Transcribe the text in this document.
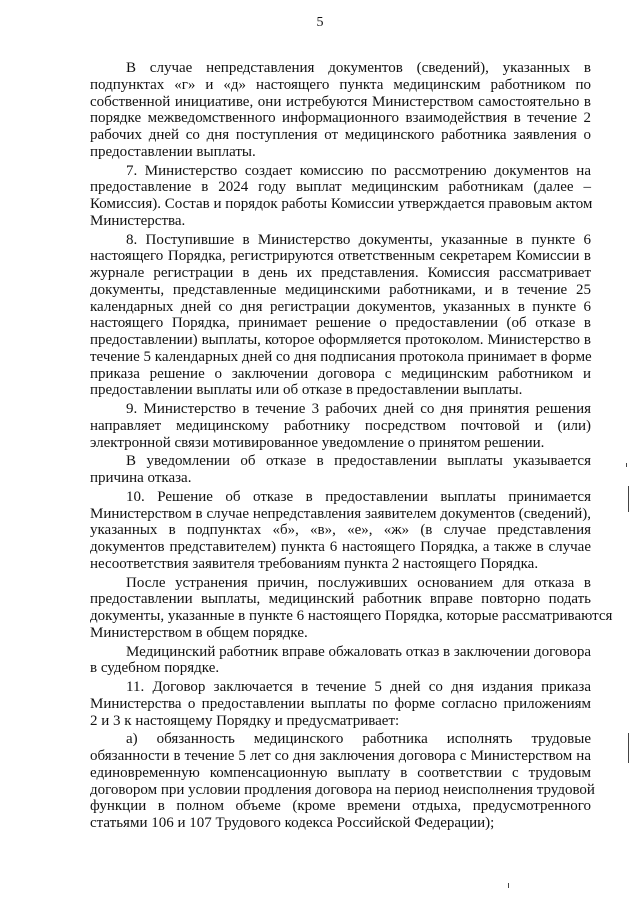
5
В случае непредставления документов (сведений), указанных в
подпунктах «г» и «д» настоящего пункта медицинским работником по
собственной инициативе, они истребуются Министерством самостоятельно в
порядке межведомственного информационного взаимодействия в течение 2
рабочих дней со дня поступления от медицинского работника заявления о
предоставлении выплаты.
7. Министерство создает комиссию по рассмотрению документов на
предоставление в 2024 году выплат медицинским работникам (далее –
Комиссия). Состав и порядок работы Комиссии утверждается правовым актом
Министерства.
8. Поступившие в Министерство документы, указанные в пункте 6
настоящего Порядка, регистрируются ответственным секретарем Комиссии в
журнале регистрации в день их представления. Комиссия рассматривает
документы, представленные медицинскими работниками, и в течение 25
календарных дней со дня регистрации документов, указанных в пункте 6
настоящего Порядка, принимает решение о предоставлении (об отказе в
предоставлении) выплаты, которое оформляется протоколом. Министерство в
течение 5 календарных дней со дня подписания протокола принимает в форме
приказа решение о заключении договора с медицинским работником и
предоставлении выплаты или об отказе в предоставлении выплаты.
9. Министерство в течение 3 рабочих дней со дня принятия решения
направляет медицинскому работнику посредством почтовой и (или)
электронной связи мотивированное уведомление о принятом решении.
В уведомлении об отказе в предоставлении выплаты указывается
причина отказа.
10. Решение об отказе в предоставлении выплаты принимается
Министерством в случае непредставления заявителем документов (сведений),
указанных в подпунктах «б», «в», «е», «ж» (в случае представления
документов представителем) пункта 6 настоящего Порядка, а также в случае
несоответствия заявителя требованиям пункта 2 настоящего Порядка.
После устранения причин, послуживших основанием для отказа в
предоставлении выплаты, медицинский работник вправе повторно подать
документы, указанные в пункте 6 настоящего Порядка, которые рассматриваются
Министерством в общем порядке.
Медицинский работник вправе обжаловать отказ в заключении договора
в судебном порядке.
11. Договор заключается в течение 5 дней со дня издания приказа
Министерства о предоставлении выплаты по форме согласно приложениям
2 и 3 к настоящему Порядку и предусматривает:
а) обязанность медицинского работника исполнять трудовые
обязанности в течение 5 лет со дня заключения договора с Министерством на
единовременную компенсационную выплату в соответствии с трудовым
договором при условии продления договора на период неисполнения трудовой
функции в полном объеме (кроме времени отдыха, предусмотренного
статьями 106 и 107 Трудового кодекса Российской Федерации);
